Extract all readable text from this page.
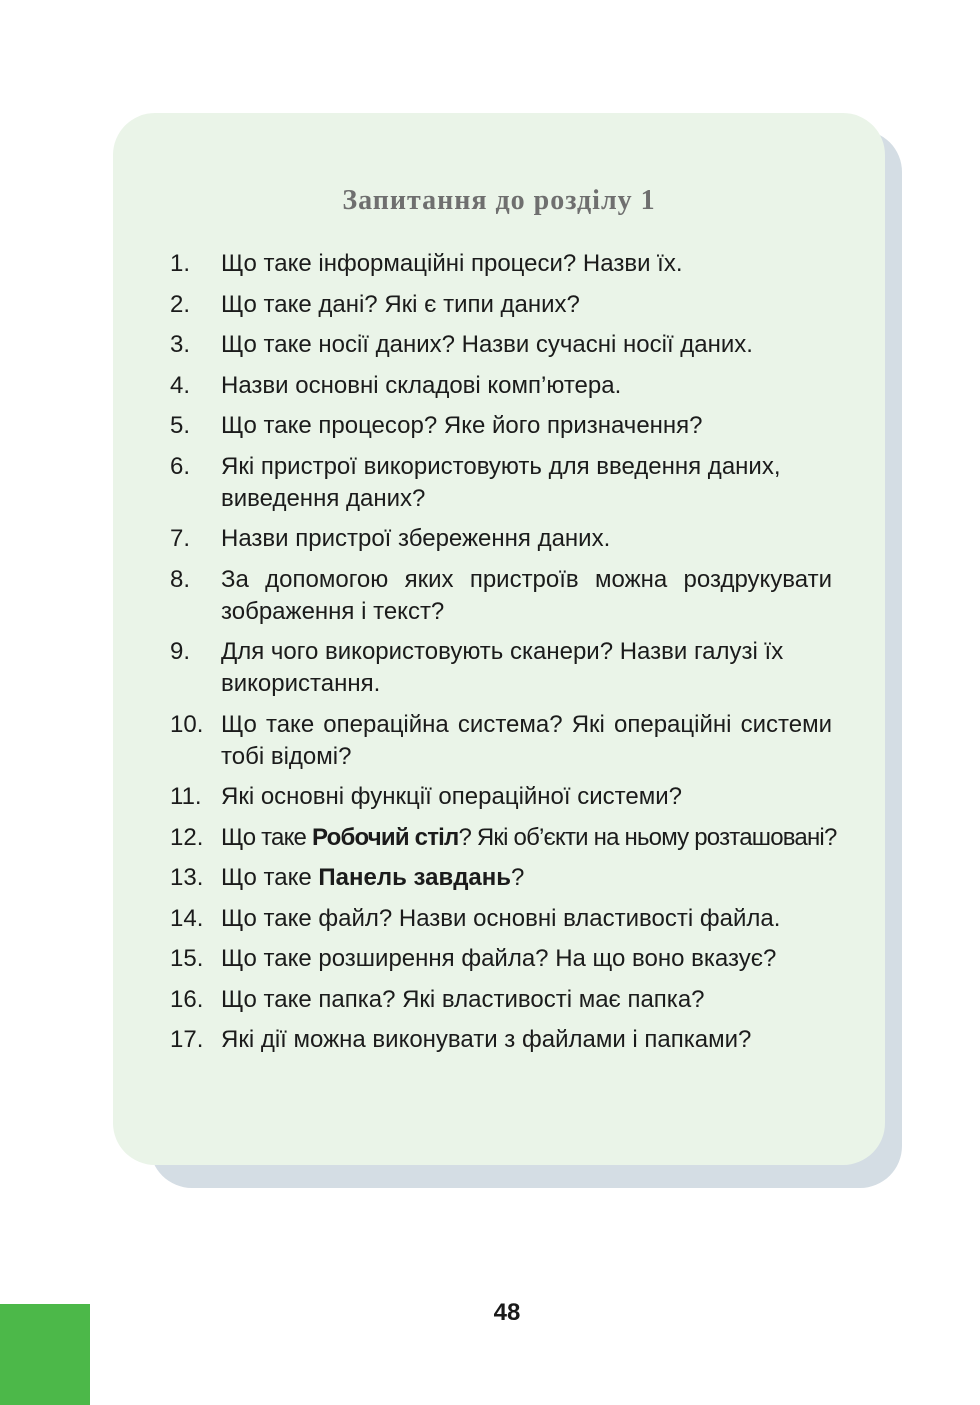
Запитання до розділу 1
1.	Що таке інформаційні процеси? Назви їх.
2.	Що таке дані? Які є типи даних?
3.	Що таке носії даних? Назви сучасні носії даних.
4.	Назви основні складові комп’ютера.
5.	Що таке процесор? Яке його призначення?
6.	Які пристрої використовують для введення даних,
виведення даних?
7.	Назви пристрої збереження даних.
8.	За допомогою яких пристроїв можна роздрукувати
зображення і текст?
9.	Для чого використовують сканери? Назви галузі їх
використання.
10. Що таке операційна система? Які операційні системи
тобі відомі?
11. Які основні функції операційної системи?
12. Що таке Робочий стіл? Які об’єкти на ньому розташовані?
13. Що таке Панель завдань?
14. Що таке файл? Назви основні властивості файла.
15. Що таке розширення файла? На що воно вказує?
16. Що таке папка? Які властивості має папка?
17. Які дії можна виконувати з файлами і папками?
48
